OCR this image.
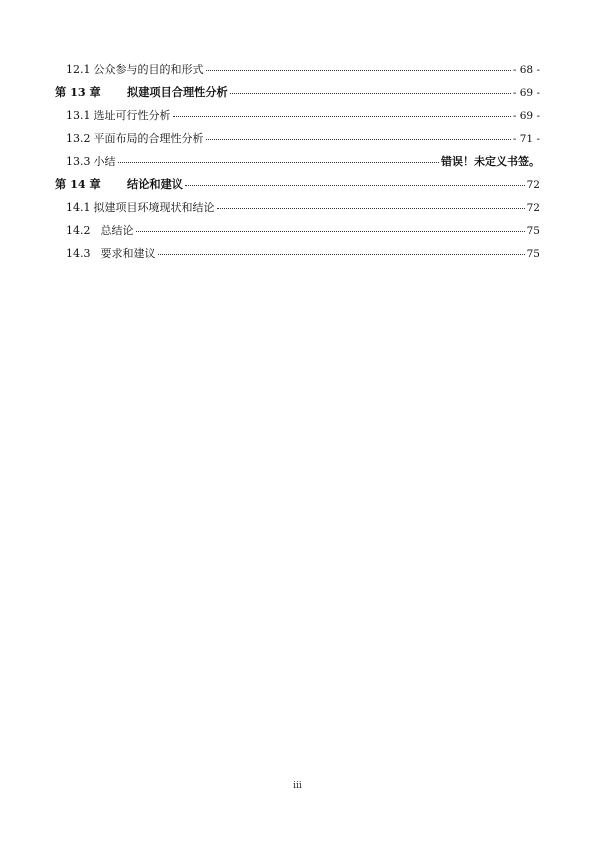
12.1 公众参与的目的和形式	- 68 -
第 13 章	拟建项目合理性分析	- 69 -
13.1 选址可行性分析	- 69 -
13.2 平面布局的合理性分析	- 71 -
13.3 小结	错误！未定义书签。
第 14 章	结论和建议	72
14.1 拟建项目环境现状和结论	72
14.2 总结论	75
14.3 要求和建议	75
iii
